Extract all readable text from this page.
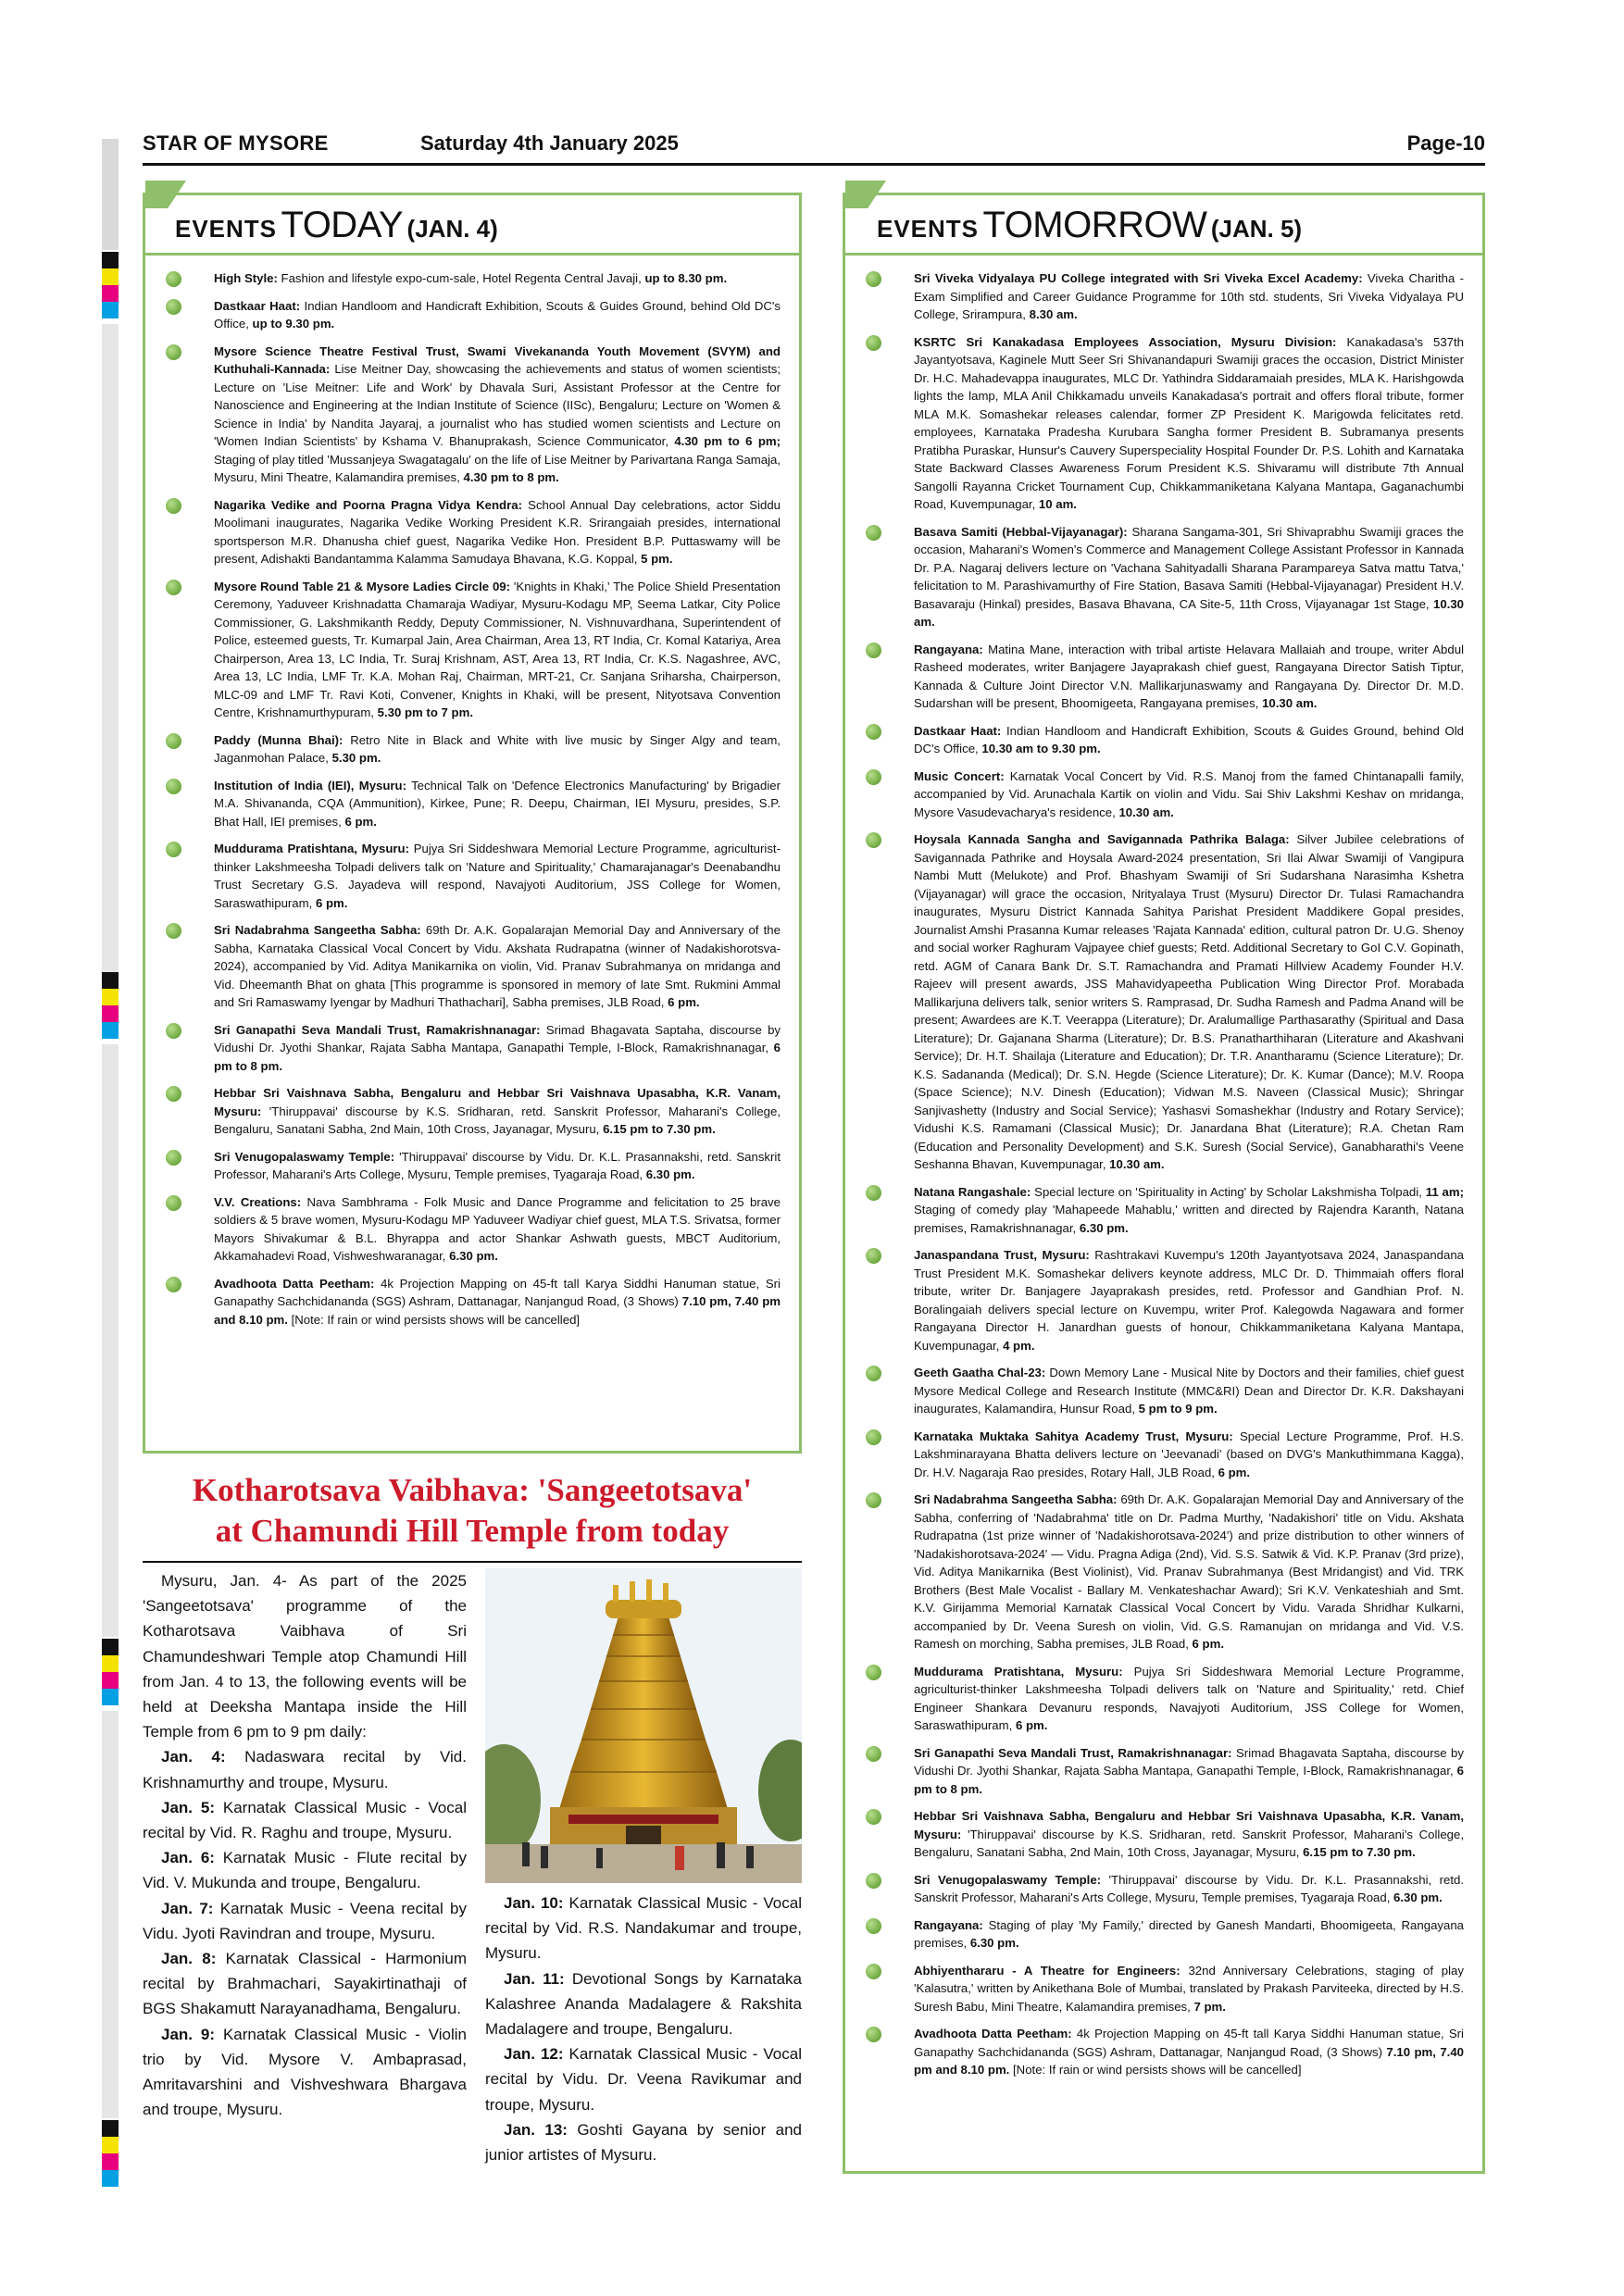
STAR OF MYSORE	Saturday 4th January 2025	Page-10
EVENTS TODAY (JAN. 4)
High Style: Fashion and lifestyle expo-cum-sale, Hotel Regenta Central Javaji, up to 8.30 pm.
Dastkaar Haat: Indian Handloom and Handicraft Exhibition, Scouts & Guides Ground, behind Old DC's Office, up to 9.30 pm.
Mysore Science Theatre Festival Trust, Swami Vivekananda Youth Movement (SVYM) and Kuthuhali-Kannada: Lise Meitner Day, showcasing the achievements and status of women scientists; Lecture on 'Lise Meitner: Life and Work' by Dhavala Suri, Assistant Professor at the Centre for Nanoscience and Engineering at the Indian Institute of Science (IISc), Bengaluru; Lecture on 'Women & Science in India' by Nandita Jayaraj, a journalist who has studied women scientists and Lecture on 'Women Indian Scientists' by Kshama V. Bhanuprakash, Science Communicator, 4.30 pm to 6 pm; Staging of play titled 'Mussanjeya Swagatagalu' on the life of Lise Meitner by Parivartana Ranga Samaja, Mysuru, Mini Theatre, Kalamandira premises, 4.30 pm to 8 pm.
Nagarika Vedike and Poorna Pragna Vidya Kendra: School Annual Day celebrations, actor Siddu Moolimani inaugurates, Nagarika Vedike Working President K.R. Srirangaiah presides, international sportsperson M.R. Dhanusha chief guest, Nagarika Vedike Hon. President B.P. Puttaswamy will be present, Adishakti Bandantamma Kalamma Samudaya Bhavana, K.G. Koppal, 5 pm.
Mysore Round Table 21 & Mysore Ladies Circle 09: 'Knights in Khaki,' The Police Shield Presentation Ceremony, Yaduveer Krishnadatta Chamaraja Wadiyar, Mysuru-Kodagu MP, Seema Latkar, City Police Commissioner, G. Lakshmikanth Reddy, Deputy Commissioner, N. Vishnuvardhana, Superintendent of Police, esteemed guests, Tr. Kumarpal Jain, Area Chairman, Area 13, RT India, Cr. Komal Katariya, Area Chairperson, Area 13, LC India, Tr. Suraj Krishnam, AST, Area 13, RT India, Cr. K.S. Nagashree, AVC, Area 13, LC India, LMF Tr. K.A. Mohan Raj, Chairman, MRT-21, Cr. Sanjana Sriharsha, Chairperson, MLC-09 and LMF Tr. Ravi Koti, Convener, Knights in Khaki, will be present, Nityotsava Convention Centre, Krishnamurthypuram, 5.30 pm to 7 pm.
Paddy (Munna Bhai): Retro Nite in Black and White with live music by Singer Algy and team, Jaganmohan Palace, 5.30 pm.
Institution of India (IEI), Mysuru: Technical Talk on 'Defence Electronics Manufacturing' by Brigadier M.A. Shivananda, CQA (Ammunition), Kirkee, Pune; R. Deepu, Chairman, IEI Mysuru, presides, S.P. Bhat Hall, IEI premises, 6 pm.
Muddurama Pratishtana, Mysuru: Pujya Sri Siddeshwara Memorial Lecture Programme, agriculturist-thinker Lakshmeesha Tolpadi delivers talk on 'Nature and Spirituality,' Chamarajanagar's Deenabandhu Trust Secretary G.S. Jayadeva will respond, Navajyoti Auditorium, JSS College for Women, Saraswathipuram, 6 pm.
Sri Nadabrahma Sangeetha Sabha: 69th Dr. A.K. Gopalarajan Memorial Day and Anniversary of the Sabha, Karnataka Classical Vocal Concert by Vidu. Akshata Rudrapatna (winner of Nadakishorotsva-2024), accompanied by Vid. Aditya Manikarnika on violin, Vid. Pranav Subrahmanya on mridanga and Vid. Dheemanth Bhat on ghata [This programme is sponsored in memory of late Smt. Rukmini Ammal and Sri Ramaswamy Iyengar by Madhuri Thathachari], Sabha premises, JLB Road, 6 pm.
Sri Ganapathi Seva Mandali Trust, Ramakrishnanagar: Srimad Bhagavata Saptaha, discourse by Vidushi Dr. Jyothi Shankar, Rajata Sabha Mantapa, Ganapathi Temple, I-Block, Ramakrishnanagar, 6 pm to 8 pm.
Hebbar Sri Vaishnava Sabha, Bengaluru and Hebbar Sri Vaishnava Upasabha, K.R. Vanam, Mysuru: 'Thiruppavai' discourse by K.S. Sridharan, retd. Sanskrit Professor, Maharani's College, Bengaluru, Sanatani Sabha, 2nd Main, 10th Cross, Jayanagar, Mysuru, 6.15 pm to 7.30 pm.
Sri Venugopalaswamy Temple: 'Thiruppavai' discourse by Vidu. Dr. K.L. Prasannakshi, retd. Sanskrit Professor, Maharani's Arts College, Mysuru, Temple premises, Tyagaraja Road, 6.30 pm.
V.V. Creations: Nava Sambhrama - Folk Music and Dance Programme and felicitation to 25 brave soldiers & 5 brave women, Mysuru-Kodagu MP Yaduveer Wadiyar chief guest, MLA T.S. Srivatsa, former Mayors Shivakumar & B.L. Bhyrappa and actor Shankar Ashwath guests, MBCT Auditorium, Akkamahadevi Road, Vishweshwaranagar, 6.30 pm.
Avadhoota Datta Peetham: 4k Projection Mapping on 45-ft tall Karya Siddhi Hanuman statue, Sri Ganapathy Sachchidananda (SGS) Ashram, Dattanagar, Nanjangud Road, (3 Shows) 7.10 pm, 7.40 pm and 8.10 pm. [Note: If rain or wind persists shows will be cancelled]
EVENTS TOMORROW (JAN. 5)
Sri Viveka Vidyalaya PU College integrated with Sri Viveka Excel Academy: Viveka Charitha - Exam Simplified and Career Guidance Programme for 10th std. students, Sri Viveka Vidyalaya PU College, Srirampura, 8.30 am.
KSRTC Sri Kanakadasa Employees Association, Mysuru Division: Kanakadasa's 537th Jayantyotsava, Kaginele Mutt Seer Sri Shivanandapuri Swamiji graces the occasion, District Minister Dr. H.C. Mahadevappa inaugurates, MLC Dr. Yathindra Siddaramaiah presides, MLA K. Harishgowda lights the lamp, MLA Anil Chikkamadu unveils Kanakadasa's portrait and offers floral tribute, former MLA M.K. Somashekar releases calendar, former ZP President K. Marigowda felicitates retd. employees, Karnataka Pradesha Kurubara Sangha former President B. Subramanya presents Pratibha Puraskar, Hunsur's Cauvery Superspeciality Hospital Founder Dr. P.S. Lohith and Karnataka State Backward Classes Awareness Forum President K.S. Shivaramu will distribute 7th Annual Sangolli Rayanna Cricket Tournament Cup, Chikkammaniketana Kalyana Mantapa, Gaganachumbi Road, Kuvempunagar, 10 am.
Basava Samiti (Hebbal-Vijayanagar): Sharana Sangama-301, Sri Shivaprabhu Swamiji graces the occasion, Maharani's Women's Commerce and Management College Assistant Professor in Kannada Dr. P.A. Nagaraj delivers lecture on 'Vachana Sahityadalli Sharana Parampareya Satva mattu Tatva,' felicitation to M. Parashivamurthy of Fire Station, Basava Samiti (Hebbal-Vijayanagar) President H.V. Basavaraju (Hinkal) presides, Basava Bhavana, CA Site-5, 11th Cross, Vijayanagar 1st Stage, 10.30 am.
Rangayana: Matina Mane, interaction with tribal artiste Helavara Mallaiah and troupe, writer Abdul Rasheed moderates, writer Banjagere Jayaprakash chief guest, Rangayana Director Satish Tiptur, Kannada & Culture Joint Director V.N. Mallikarjunaswamy and Rangayana Dy. Director Dr. M.D. Sudarshan will be present, Bhoomigeeta, Rangayana premises, 10.30 am.
Dastkaar Haat: Indian Handloom and Handicraft Exhibition, Scouts & Guides Ground, behind Old DC's Office, 10.30 am to 9.30 pm.
Music Concert: Karnatak Vocal Concert by Vid. R.S. Manoj from the famed Chintanapalli family, accompanied by Vid. Arunachala Kartik on violin and Vidu. Sai Shiv Lakshmi Keshav on mridanga, Mysore Vasudevacharya's residence, 10.30 am.
Hoysala Kannada Sangha and Savigannada Pathrika Balaga: Silver Jubilee celebrations of Savigannada Pathrike and Hoysala Award-2024 presentation, Sri Ilai Alwar Swamiji of Vangipura Nambi Mutt (Melukote) and Prof. Bhashyam Swamiji of Sri Sudarshana Narasimha Kshetra (Vijayanagar) will grace the occasion, Nrityalaya Trust (Mysuru) Director Dr. Tulasi Ramachandra inaugurates, Mysuru District Kannada Sahitya Parishat President Maddikere Gopal presides, Journalist Amshi Prasanna Kumar releases 'Rajata Kannada' edition, cultural patron Dr. U.G. Shenoy and social worker Raghuram Vajpayee chief guests; Retd. Additional Secretary to GoI C.V. Gopinath, retd. AGM of Canara Bank Dr. S.T. Ramachandra and Pramati Hillview Academy Founder H.V. Rajeev will present awards, JSS Mahavidyapeetha Publication Wing Director Prof. Morabada Mallikarjuna delivers talk, senior writers S. Ramprasad, Dr. Sudha Ramesh and Padma Anand will be present; Awardees are K.T. Veerappa (Literature); Dr. Aralumallige Parthasarathy (Spiritual and Dasa Literature); Dr. Gajanana Sharma (Literature); Dr. B.S. Pranatharthiharan (Literature and Akashvani Service); Dr. H.T. Shailaja (Literature and Education); Dr. T.R. Anantharamu (Science Literature); Dr. K.S. Sadananda (Medical); Dr. S.N. Hegde (Science Literature); Dr. K. Kumar (Dance); M.V. Roopa (Space Science); N.V. Dinesh (Education); Vidwan M.S. Naveen (Classical Music); Shringar Sanjivashetty (Industry and Social Service); Yashasvi Somashekhar (Industry and Rotary Service); Vidushi K.S. Ramamani (Classical Music); Dr. Janardana Bhat (Literature); R.A. Chetan Ram (Education and Personality Development) and S.K. Suresh (Social Service), Ganabharathi's Veene Seshanna Bhavan, Kuvempunagar, 10.30 am.
Natana Rangashale: Special lecture on 'Spirituality in Acting' by Scholar Lakshmisha Tolpadi, 11 am; Staging of comedy play 'Mahapeede Mahablu,' written and directed by Rajendra Karanth, Natana premises, Ramakrishnanagar, 6.30 pm.
Janaspandana Trust, Mysuru: Rashtrakavi Kuvempu's 120th Jayantyotsava 2024, Janaspandana Trust President M.K. Somashekar delivers keynote address, MLC Dr. D. Thimmaiah offers floral tribute, writer Dr. Banjagere Jayaprakash presides, retd. Professor and Gandhian Prof. N. Boralingaiah delivers special lecture on Kuvempu, writer Prof. Kalegowda Nagawara and former Rangayana Director H. Janardhan guests of honour, Chikkammaniketana Kalyana Mantapa, Kuvempunagar, 4 pm.
Geeth Gaatha Chal-23: Down Memory Lane - Musical Nite by Doctors and their families, chief guest Mysore Medical College and Research Institute (MMC&RI) Dean and Director Dr. K.R. Dakshayani inaugurates, Kalamandira, Hunsur Road, 5 pm to 9 pm.
Karnataka Muktaka Sahitya Academy Trust, Mysuru: Special Lecture Programme, Prof. H.S. Lakshminarayana Bhatta delivers lecture on 'Jeevanadi' (based on DVG's Mankuthimmana Kagga), Dr. H.V. Nagaraja Rao presides, Rotary Hall, JLB Road, 6 pm.
Sri Nadabrahma Sangeetha Sabha: 69th Dr. A.K. Gopalarajan Memorial Day and Anniversary of the Sabha, conferring of 'Nadabrahma' title on Dr. Padma Murthy, 'Nadakishori' title on Vidu. Akshata Rudrapatna (1st prize winner of 'Nadakishorotsava-2024') and prize distribution to other winners of 'Nadakishorotsava-2024' — Vidu. Pragna Adiga (2nd), Vid. S.S. Satwik & Vid. K.P. Pranav (3rd prize), Vid. Aditya Manikarnika (Best Violinist), Vid. Pranav Subrahmanya (Best Mridangist) and Vid. TRK Brothers (Best Male Vocalist - Ballary M. Venkateshachar Award); Sri K.V. Venkateshiah and Smt. K.V. Girijamma Memorial Karnatak Classical Vocal Concert by Vidu. Varada Shridhar Kulkarni, accompanied by Dr. Veena Suresh on violin, Vid. G.S. Ramanujan on mridanga and Vid. V.S. Ramesh on morching, Sabha premises, JLB Road, 6 pm.
Muddurama Pratishtana, Mysuru: Pujya Sri Siddeshwara Memorial Lecture Programme, agriculturist-thinker Lakshmeesha Tolpadi delivers talk on 'Nature and Spirituality,' retd. Chief Engineer Shankara Devanuru responds, Navajyoti Auditorium, JSS College for Women, Saraswathipuram, 6 pm.
Sri Ganapathi Seva Mandali Trust, Ramakrishnanagar: Srimad Bhagavata Saptaha, discourse by Vidushi Dr. Jyothi Shankar, Rajata Sabha Mantapa, Ganapathi Temple, I-Block, Ramakrishnanagar, 6 pm to 8 pm.
Hebbar Sri Vaishnava Sabha, Bengaluru and Hebbar Sri Vaishnava Upasabha, K.R. Vanam, Mysuru: 'Thiruppavai' discourse by K.S. Sridharan, retd. Sanskrit Professor, Maharani's College, Bengaluru, Sanatani Sabha, 2nd Main, 10th Cross, Jayanagar, Mysuru, 6.15 pm to 7.30 pm.
Sri Venugopalaswamy Temple: 'Thiruppavai' discourse by Vidu. Dr. K.L. Prasannakshi, retd. Sanskrit Professor, Maharani's Arts College, Mysuru, Temple premises, Tyagaraja Road, 6.30 pm.
Rangayana: Staging of play 'My Family,' directed by Ganesh Mandarti, Bhoomigeeta, Rangayana premises, 6.30 pm.
Abhiyenthararu - A Theatre for Engineers: 32nd Anniversary Celebrations, staging of play 'Kalasutra,' written by Anikethana Bole of Mumbai, translated by Prakash Parviteeka, directed by H.S. Suresh Babu, Mini Theatre, Kalamandira premises, 7 pm.
Avadhoota Datta Peetham: 4k Projection Mapping on 45-ft tall Karya Siddhi Hanuman statue, Sri Ganapathy Sachchidananda (SGS) Ashram, Dattanagar, Nanjangud Road, (3 Shows) 7.10 pm, 7.40 pm and 8.10 pm. [Note: If rain or wind persists shows will be cancelled]
Kotharotsava Vaibhava: 'Sangeetotsava'
at Chamundi Hill Temple from today

Mysuru, Jan. 4- As part of the 2025 'Sangeetotsava' programme of the Kotharotsava Vaibhava of Sri Chamundeshwari Temple atop Chamundi Hill from Jan. 4 to 13, the following events will be held at Deeksha Mantapa inside the Hill Temple from 6 pm to 9 pm daily:

Jan. 4: Nadaswara recital by Vid. Krishnamurthy and troupe, Mysuru.

Jan. 5: Karnatak Classical Music - Vocal recital by Vid. R. Raghu and troupe, Mysuru.

Jan. 6: Karnatak Music - Flute recital by Vid. V. Mukunda and troupe, Bengaluru.

Jan. 7: Karnatak Music - Veena recital by Vidu. Jyoti Ravindran and troupe, Mysuru.

Jan. 8: Karnatak Classical - Harmonium recital by Brahmachari, Sayakirtinathaji of BGS Shakamutt Narayanadhama, Bengaluru.

Jan. 9: Karnatak Classical Music - Violin trio by Vid. Mysore V. Ambaprasad, Amritavarshini and Vishveshwara Bhargava and troupe, Mysuru.

Jan. 10: Karnatak Classical Music - Vocal recital by Vid. R.S. Nandakumar and troupe, Mysuru.

Jan. 11: Devotional Songs by Karnataka Kalashree Ananda Madalagere & Rakshita Madalagere and troupe, Bengaluru.

Jan. 12: Karnatak Classical Music - Vocal recital by Vidu. Dr. Veena Ravikumar and troupe, Mysuru.

Jan. 13: Goshti Gayana by senior and junior artistes of Mysuru.
